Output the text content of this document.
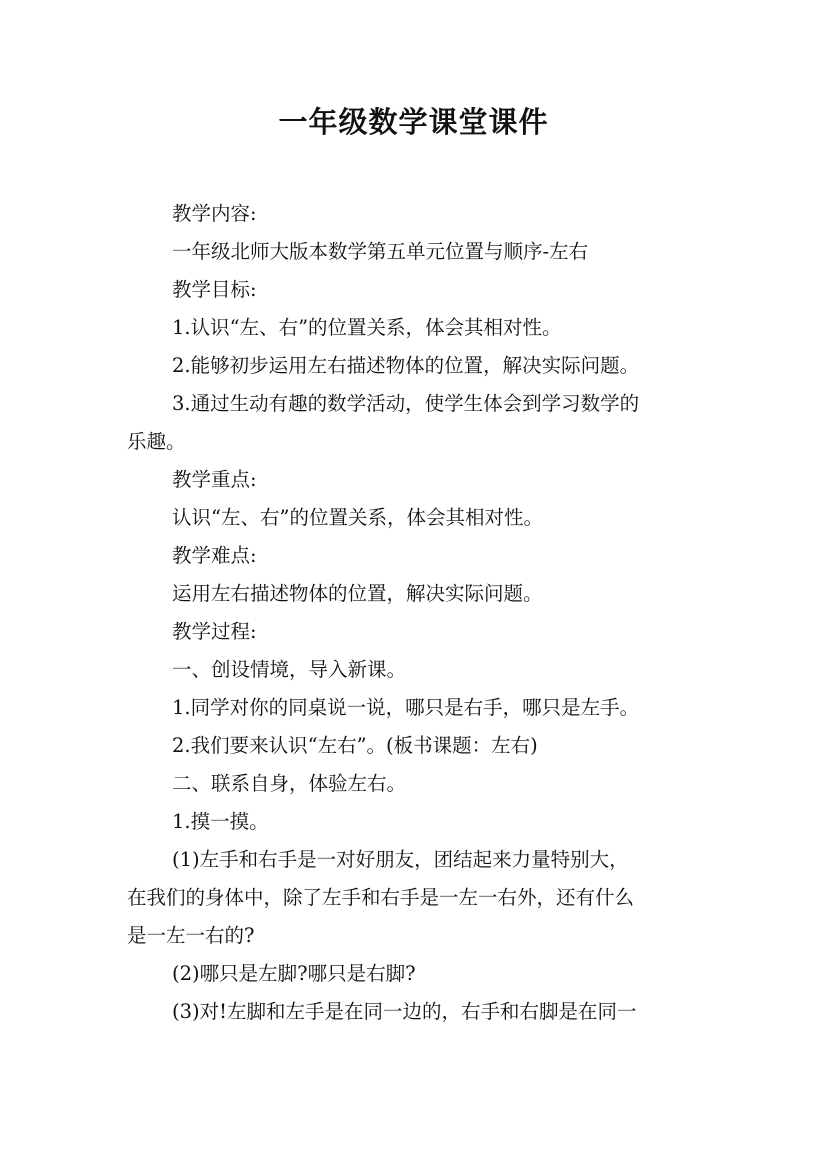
一年级数学课堂课件

教学内容:

一年级北师大版本数学第五单元位置与顺序-左右

教学目标:

1.认识“左、右”的位置关系，体会其相对性。

2.能够初步运用左右描述物体的位置，解决实际问题。

3.通过生动有趣的数学活动，使学生体会到学习数学的

乐趣。

教学重点:

认识“左、右”的位置关系，体会其相对性。

教学难点:

运用左右描述物体的位置，解决实际问题。

教学过程:

一、创设情境，导入新课。

1.同学对你的同桌说一说，哪只是右手，哪只是左手。

2.我们要来认识“左右”。(板书课题：左右)

二、联系自身，体验左右。

1.摸一摸。

(1)左手和右手是一对好朋友，团结起来力量特别大，

在我们的身体中，除了左手和右手是一左一右外，还有什么

是一左一右的?

(2)哪只是左脚?哪只是右脚?

(3)对!左脚和左手是在同一边的，右手和右脚是在同一
